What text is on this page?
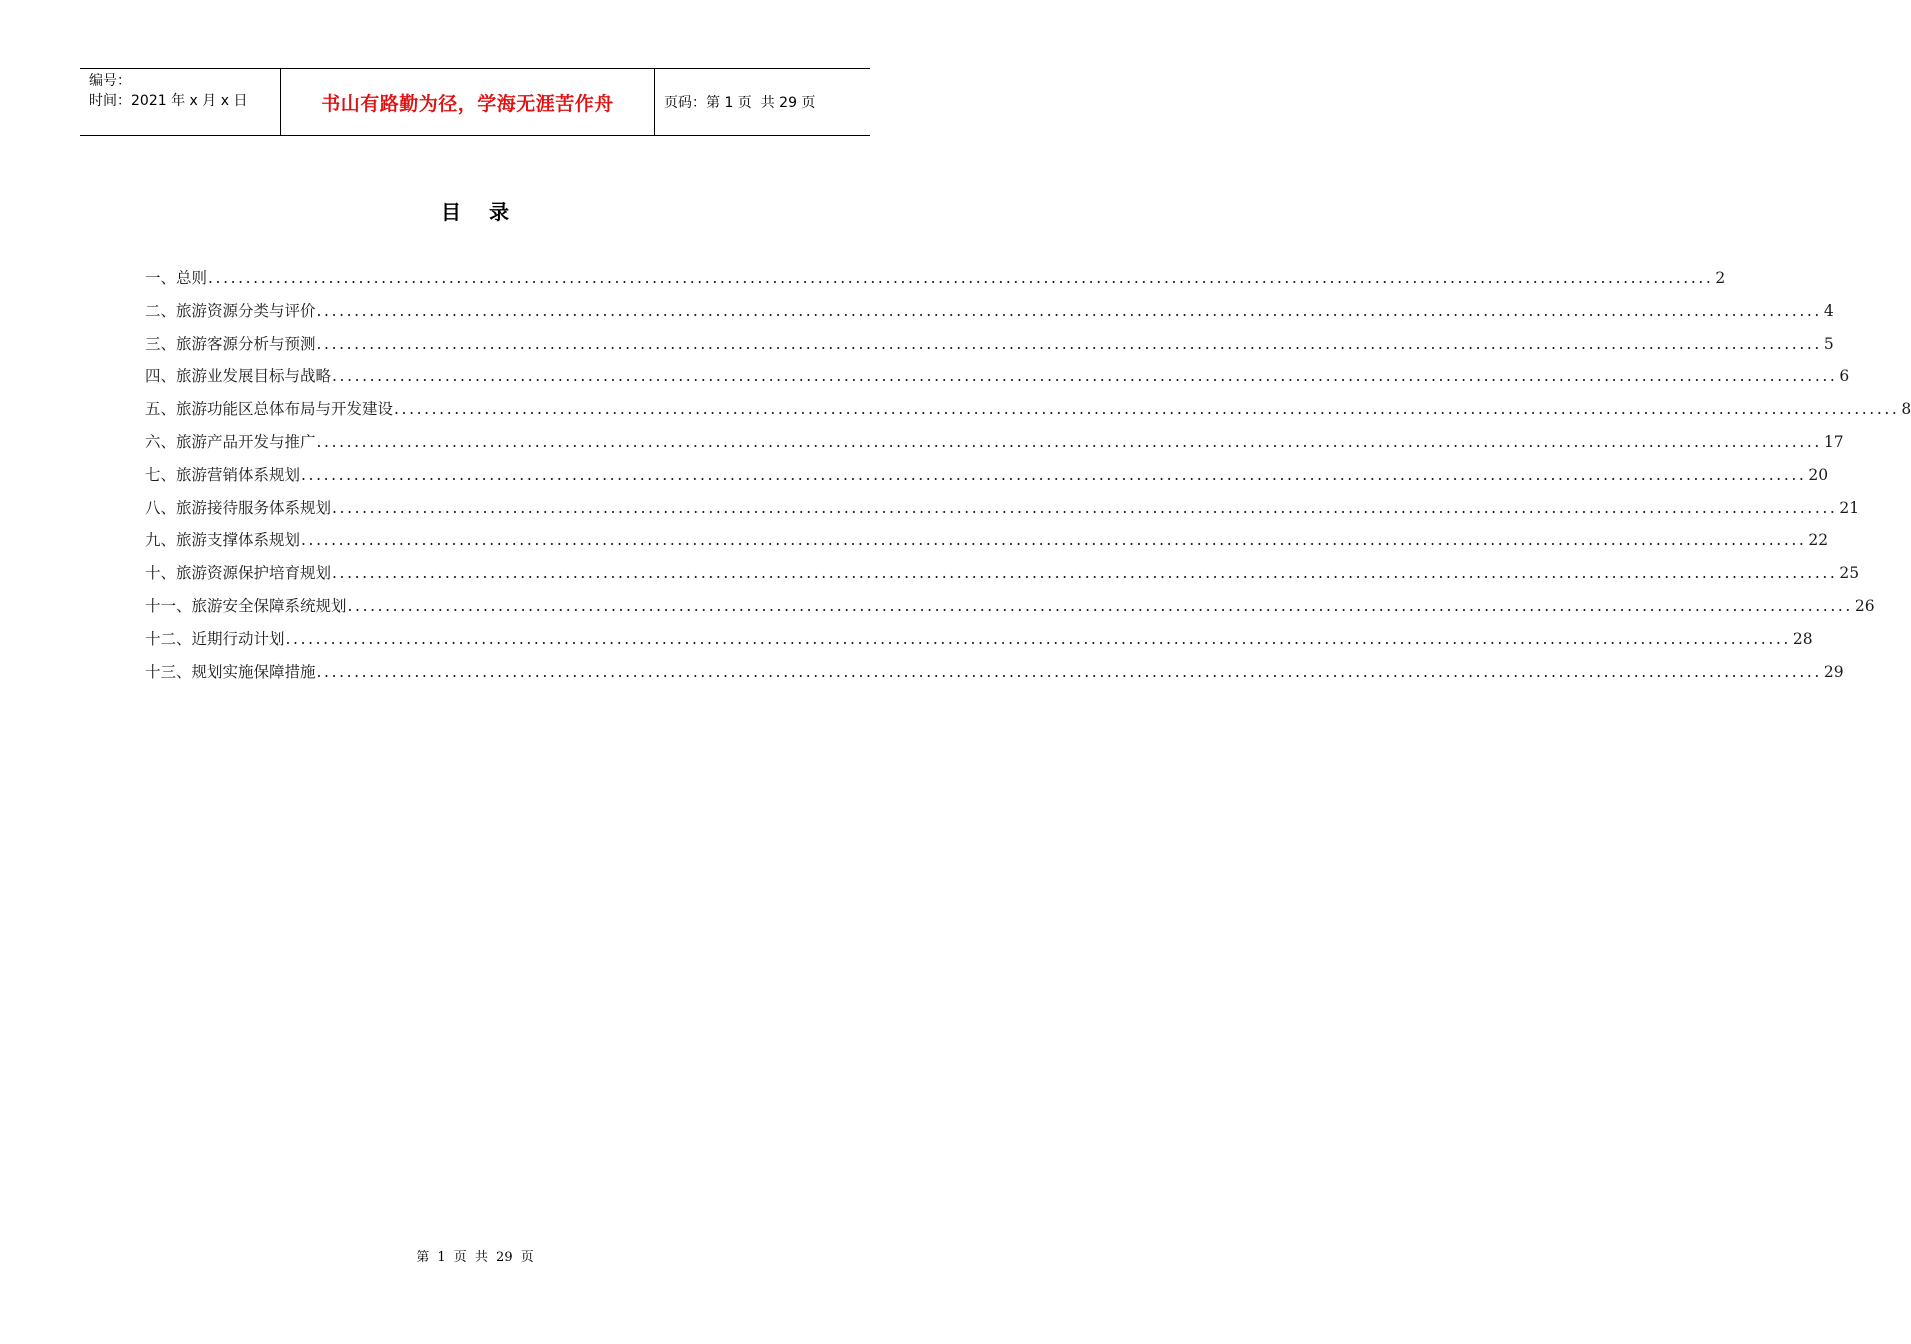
编号：
时间：2021 年 x 月 x 日	书山有路勤为径，学海无涯苦作舟	页码：第 1 页  共 29 页
目录
一、总则 ........................................................................................................................................................................................................ 2
二、旅游资源分类与评价 ........................................................................................................................................................................................................ 4
三、旅游客源分析与预测 ........................................................................................................................................................................................................ 5
四、旅游业发展目标与战略 ........................................................................................................................................................................................................ 6
五、旅游功能区总体布局与开发建设 ........................................................................................................................................................................................................ 8
六、旅游产品开发与推广 ........................................................................................................................................................................................................ 17
七、旅游营销体系规划 ........................................................................................................................................................................................................ 20
八、旅游接待服务体系规划 ........................................................................................................................................................................................................ 21
九、旅游支撑体系规划 ........................................................................................................................................................................................................ 22
十、旅游资源保护培育规划 ........................................................................................................................................................................................................ 25
十一、旅游安全保障系统规划 ........................................................................................................................................................................................................ 26
十二、近期行动计划 ........................................................................................................................................................................................................ 28
十三、规划实施保障措施 ........................................................................................................................................................................................................ 29
第 1 页 共 29 页
